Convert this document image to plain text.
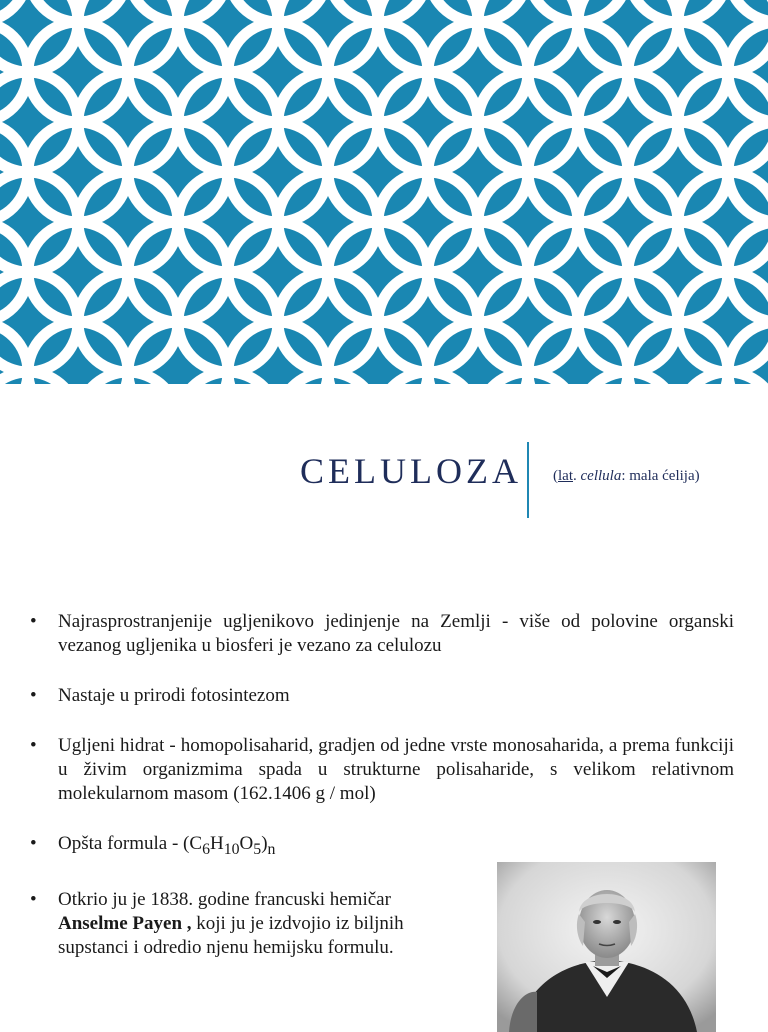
CELULOZA (lat. cellula: mala ćelija)
• Najrasprostranjenije ugljenikovo jedinjenje na Zemlji - više od polovine organski vezanog ugljenika u biosferi je vezano za celulozu
• Nastaje u prirodi fotosintezom
• Ugljeni hidrat - homopolisaharid, gradjen od jedne vrste monosaharida, a prema funkciji u živim organizmima spada u strukturne polisaharide, s velikom relativnom molekularnom masom (162.1406 g / mol)
• Opšta formula - $(C_6H_{10}O_5)_n$
• Otkrio ju je 1838. godine francuski hemičar
Anselme Payen , koji ju je izdvojio iz biljnih
supstanci i odredio njenu hemijsku formulu.
